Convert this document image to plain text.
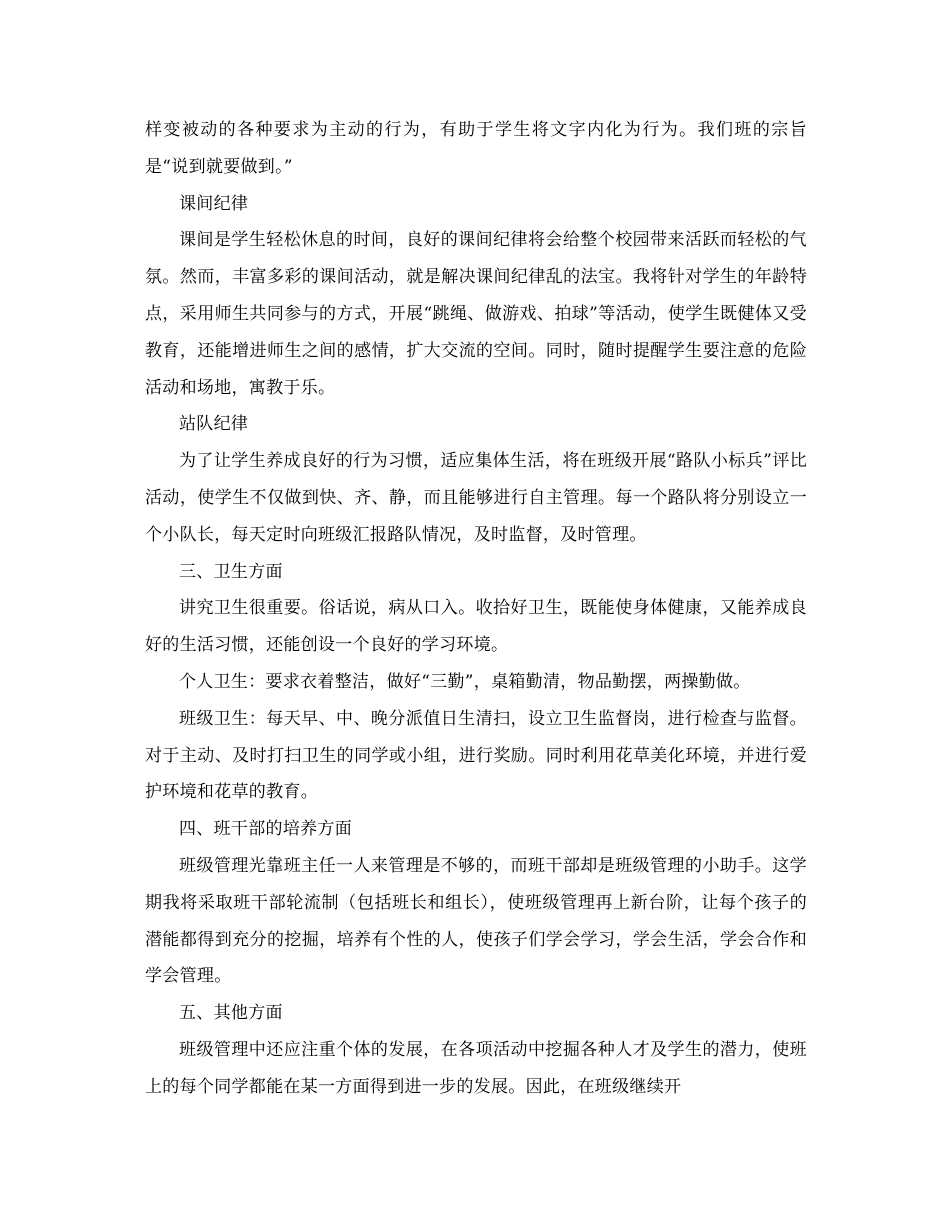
样变被动的各种要求为主动的行为，有助于学生将文字内化为行为。我们班的宗旨是“说到就要做到。”

课间纪律

课间是学生轻松休息的时间，良好的课间纪律将会给整个校园带来活跃而轻松的气氛。然而，丰富多彩的课间活动，就是解决课间纪律乱的法宝。我将针对学生的年龄特点，采用师生共同参与的方式，开展“跳绳、做游戏、拍球”等活动，使学生既健体又受教育，还能增进师生之间的感情，扩大交流的空间。同时，随时提醒学生要注意的危险活动和场地，寓教于乐。

站队纪律

为了让学生养成良好的行为习惯，适应集体生活，将在班级开展“路队小标兵”评比活动，使学生不仅做到快、齐、静，而且能够进行自主管理。每一个路队将分别设立一个小队长，每天定时向班级汇报路队情况，及时监督，及时管理。

三、卫生方面

讲究卫生很重要。俗话说，病从口入。收拾好卫生，既能使身体健康，又能养成良好的生活习惯，还能创设一个良好的学习环境。

个人卫生：要求衣着整洁，做好“三勤”，桌箱勤清，物品勤摆，两操勤做。

班级卫生：每天早、中、晚分派值日生清扫，设立卫生监督岗，进行检查与监督。对于主动、及时打扫卫生的同学或小组，进行奖励。同时利用花草美化环境，并进行爱护环境和花草的教育。

四、班干部的培养方面

班级管理光靠班主任一人来管理是不够的，而班干部却是班级管理的小助手。这学期我将采取班干部轮流制（包括班长和组长），使班级管理再上新台阶，让每个孩子的潜能都得到充分的挖掘，培养有个性的人，使孩子们学会学习，学会生活，学会合作和学会管理。

五、其他方面

班级管理中还应注重个体的发展，在各项活动中挖掘各种人才及学生的潜力，使班上的每个同学都能在某一方面得到进一步的发展。因此，在班级继续开
